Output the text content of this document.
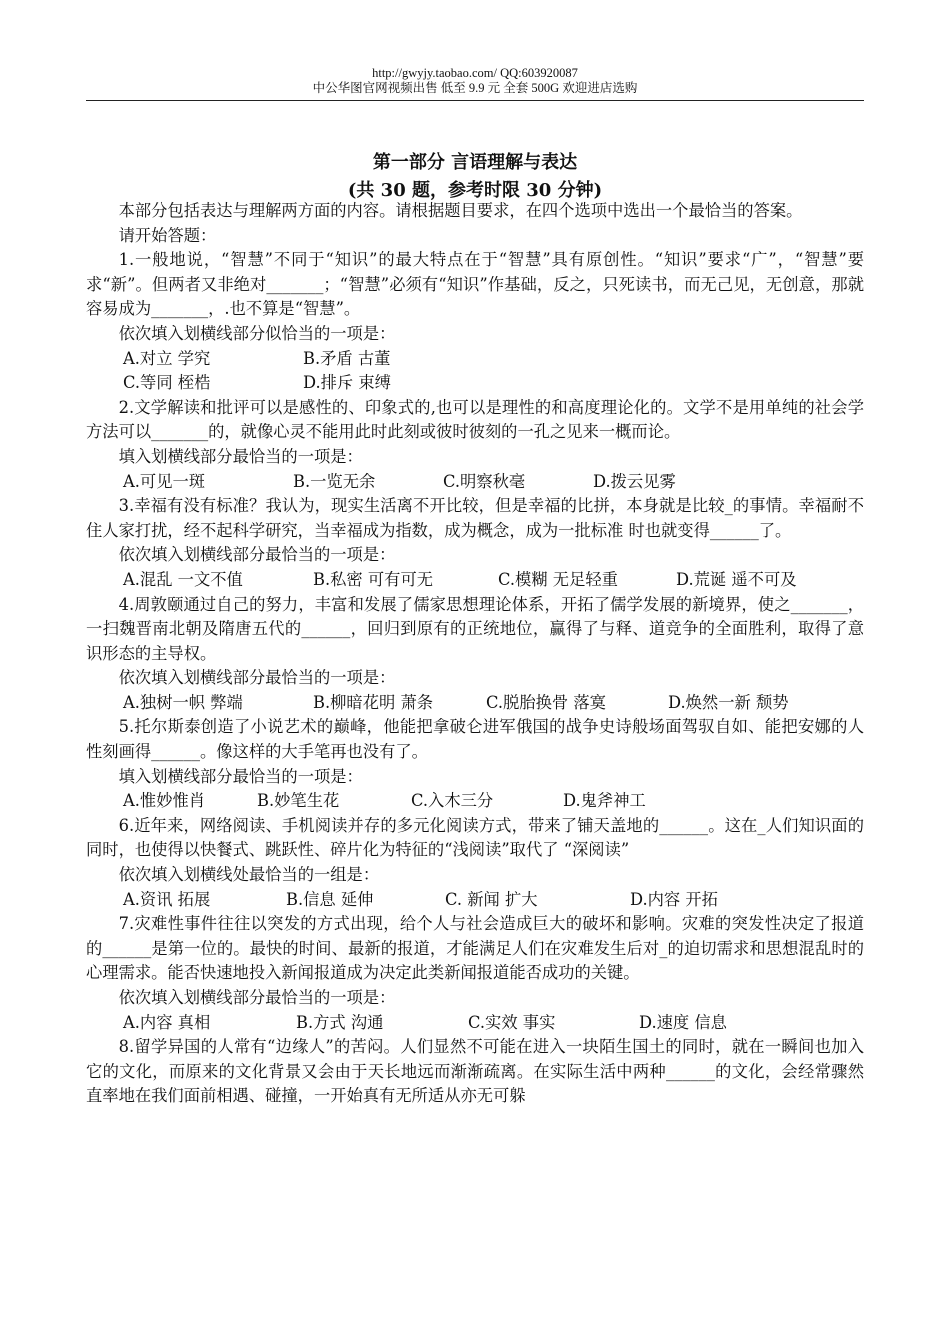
http://gwyjy.taobao.com/ QQ:603920087
中公华图官网视频出售 低至 9.9 元 全套 500G 欢迎进店选购
第一部分 言语理解与表达
(共 30 题，参考时限 30 分钟)

本部分包括表达与理解两方面的内容。请根据题目要求，在四个选项中选出一个最恰当的答案。

请开始答题：

1.一般地说，“智慧”不同于“知识”的最大特点在于“智慧”具有原创性。“知识”要求“广”，“智慧”要求“新”。但两者又非绝对_______；“智慧”必须有“知识”作基础，反之，只死读书，而无己见，无创意，那就容易成为_______，.也不算是“智慧”。

依次填入划横线部分似恰当的一项是：

A.对立 学究	B.矛盾 古董

C.等同 桎梏	D.排斥 束缚

2.文学解读和批评可以是感性的、印象式的,也可以是理性的和高度理论化的。文学不是用单纯的社会学方法可以_______的，就像心灵不能用此时此刻或彼时彼刻的一孔之见来一概而论。

填入划横线部分最恰当的一项是：

A.可见一斑	B.一览无余	C.明察秋毫	D.拨云见雾

3.幸福有没有标准？我认为，现实生活离不开比较，但是幸福的比拼，本身就是比较_的事情。幸福耐不住人家打扰，经不起科学研究，当幸福成为指数，成为概念，成为一批标准 时也就变得______了。

依次填入划横线部分最恰当的一项是：

A.混乱 一文不值	B.私密 可有可无	C.模糊 无足轻重	D.荒诞 遥不可及

4.周敦颐通过自己的努力，丰富和发展了儒家思想理论体系，开拓了儒学发展的新境界，使之_______，一扫魏晋南北朝及隋唐五代的______，回归到原有的正统地位，赢得了与释、道竞争的全面胜利，取得了意识形态的主导权。

依次填入划横线部分最恰当的一项是：

A.独树一帜 弊端	B.柳暗花明 萧条	C.脱胎换骨 落寞	D.焕然一新 颓势

5.托尔斯泰创造了小说艺术的巅峰，他能把拿破仑进军俄国的战争史诗般场面驾驭自如、能把安娜的人性刻画得______。像这样的大手笔再也没有了。

填入划横线部分最恰当的一项是：

A.惟妙惟肖	B.妙笔生花	C.入木三分	D.鬼斧神工

6.近年来，网络阅读、手机阅读并存的多元化阅读方式，带来了铺天盖地的______。这在_人们知识面的同时，也使得以快餐式、跳跃性、碎片化为特征的“浅阅读”取代了 “深阅读”

依次填入划横线处最恰当的一组是：

A.资讯 拓展	B.信息 延伸	C. 新闻 扩大	D.内容 开拓

7.灾难性事件往往以突发的方式出现，给个人与社会造成巨大的破坏和影响。灾难的突发性决定了报道的______是第一位的。最快的时间、最新的报道，才能满足人们在灾难发生后对_的迫切需求和思想混乱时的心理需求。能否快速地投入新闻报道成为决定此类新闻报道能否成功的关键。

依次填入划横线部分最恰当的一项是：

A.内容 真相	B.方式 沟通	C.实效 事实	D.速度 信息

8.留学异国的人常有“边缘人”的苦闷。人们显然不可能在进入一块陌生国土的同时，就在一瞬间也加入它的文化，而原来的文化背景又会由于天长地远而渐渐疏离。在实际生活中两种______的文化，会经常骤然直率地在我们面前相遇、碰撞，一开始真有无所适从亦无可躲
